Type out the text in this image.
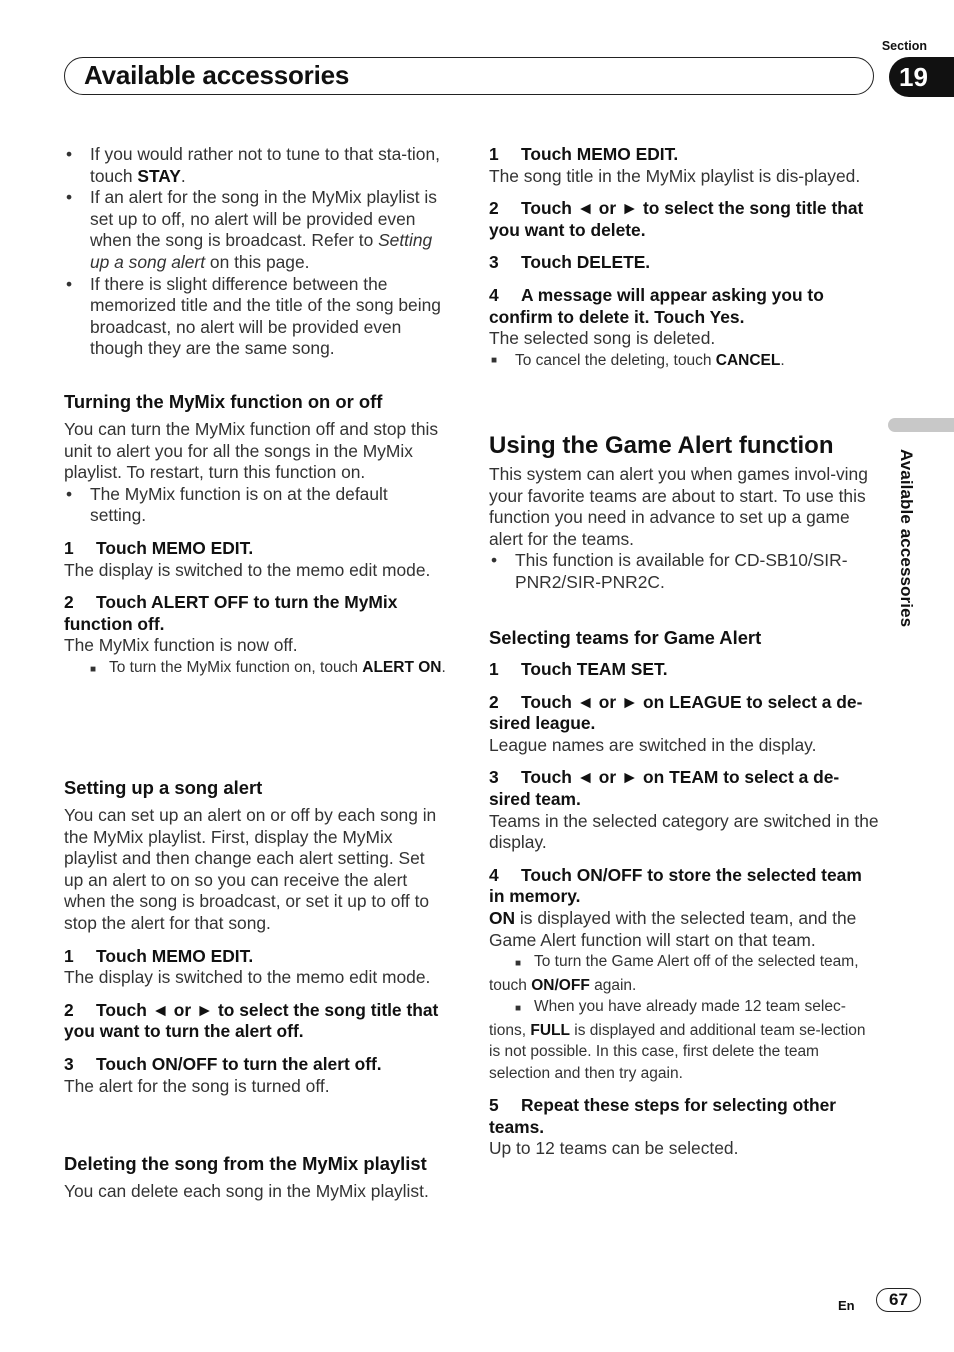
Section
Available accessories	19
Available accessories
• If you would rather not to tune to that sta-tion, touch STAY.
• If an alert for the song in the MyMix playlist is set up to off, no alert will be provided even when the song is broadcast. Refer to Setting up a song alert on this page.
• If there is slight difference between the memorized title and the title of the song being broadcast, no alert will be provided even though they are the same song.

Turning the MyMix function on or off

You can turn the MyMix function off and stop this unit to alert you for all the songs in the MyMix playlist. To restart, turn this function on.

• The MyMix function is on at the default setting.

1 Touch MEMO EDIT.

The display is switched to the memo edit mode.

2 Touch ALERT OFF to turn the MyMix function off.

The MyMix function is now off.

■ To turn the MyMix function on, touch ALERT ON.

Setting up a song alert

You can set up an alert on or off by each song in the MyMix playlist. First, display the MyMix playlist and then change each alert setting. Set up an alert to on so you can receive the alert when the song is broadcast, or set it up to off to stop the alert for that song.

1 Touch MEMO EDIT.

The display is switched to the memo edit mode.

2 Touch ◄ or ► to select the song title that you want to turn the alert off.

3 Touch ON/OFF to turn the alert off.

The alert for the song is turned off.

Deleting the song from the MyMix playlist

You can delete each song in the MyMix playlist.

1 Touch MEMO EDIT.

The song title in the MyMix playlist is dis-played.

2 Touch ◄ or ► to select the song title that you want to delete.

3 Touch DELETE.

4 A message will appear asking you to confirm to delete it. Touch Yes.

The selected song is deleted.

■ To cancel the deleting, touch CANCEL.

Using the Game Alert function

This system can alert you when games invol-ving your favorite teams are about to start. To use this function you need in advance to set up a game alert for the teams.

• This function is available for CD-SB10/SIR-PNR2/SIR-PNR2C.

Selecting teams for Game Alert

1 Touch TEAM SET.

2 Touch ◄ or ► on LEAGUE to select a de-sired league.

League names are switched in the display.

3 Touch ◄ or ► on TEAM to select a de-sired team.

Teams in the selected category are switched in the display.

4 Touch ON/OFF to store the selected team in memory.

ON is displayed with the selected team, and the Game Alert function will start on that team.

■ To turn the Game Alert off of the selected team, touch ON/OFF again.
■ When you have already made 12 team selec-tions, FULL is displayed and additional team se-lection is not possible. In this case, first delete the team selection and then try again.

5 Repeat these steps for selecting other teams.

Up to 12 teams can be selected.

En	67
